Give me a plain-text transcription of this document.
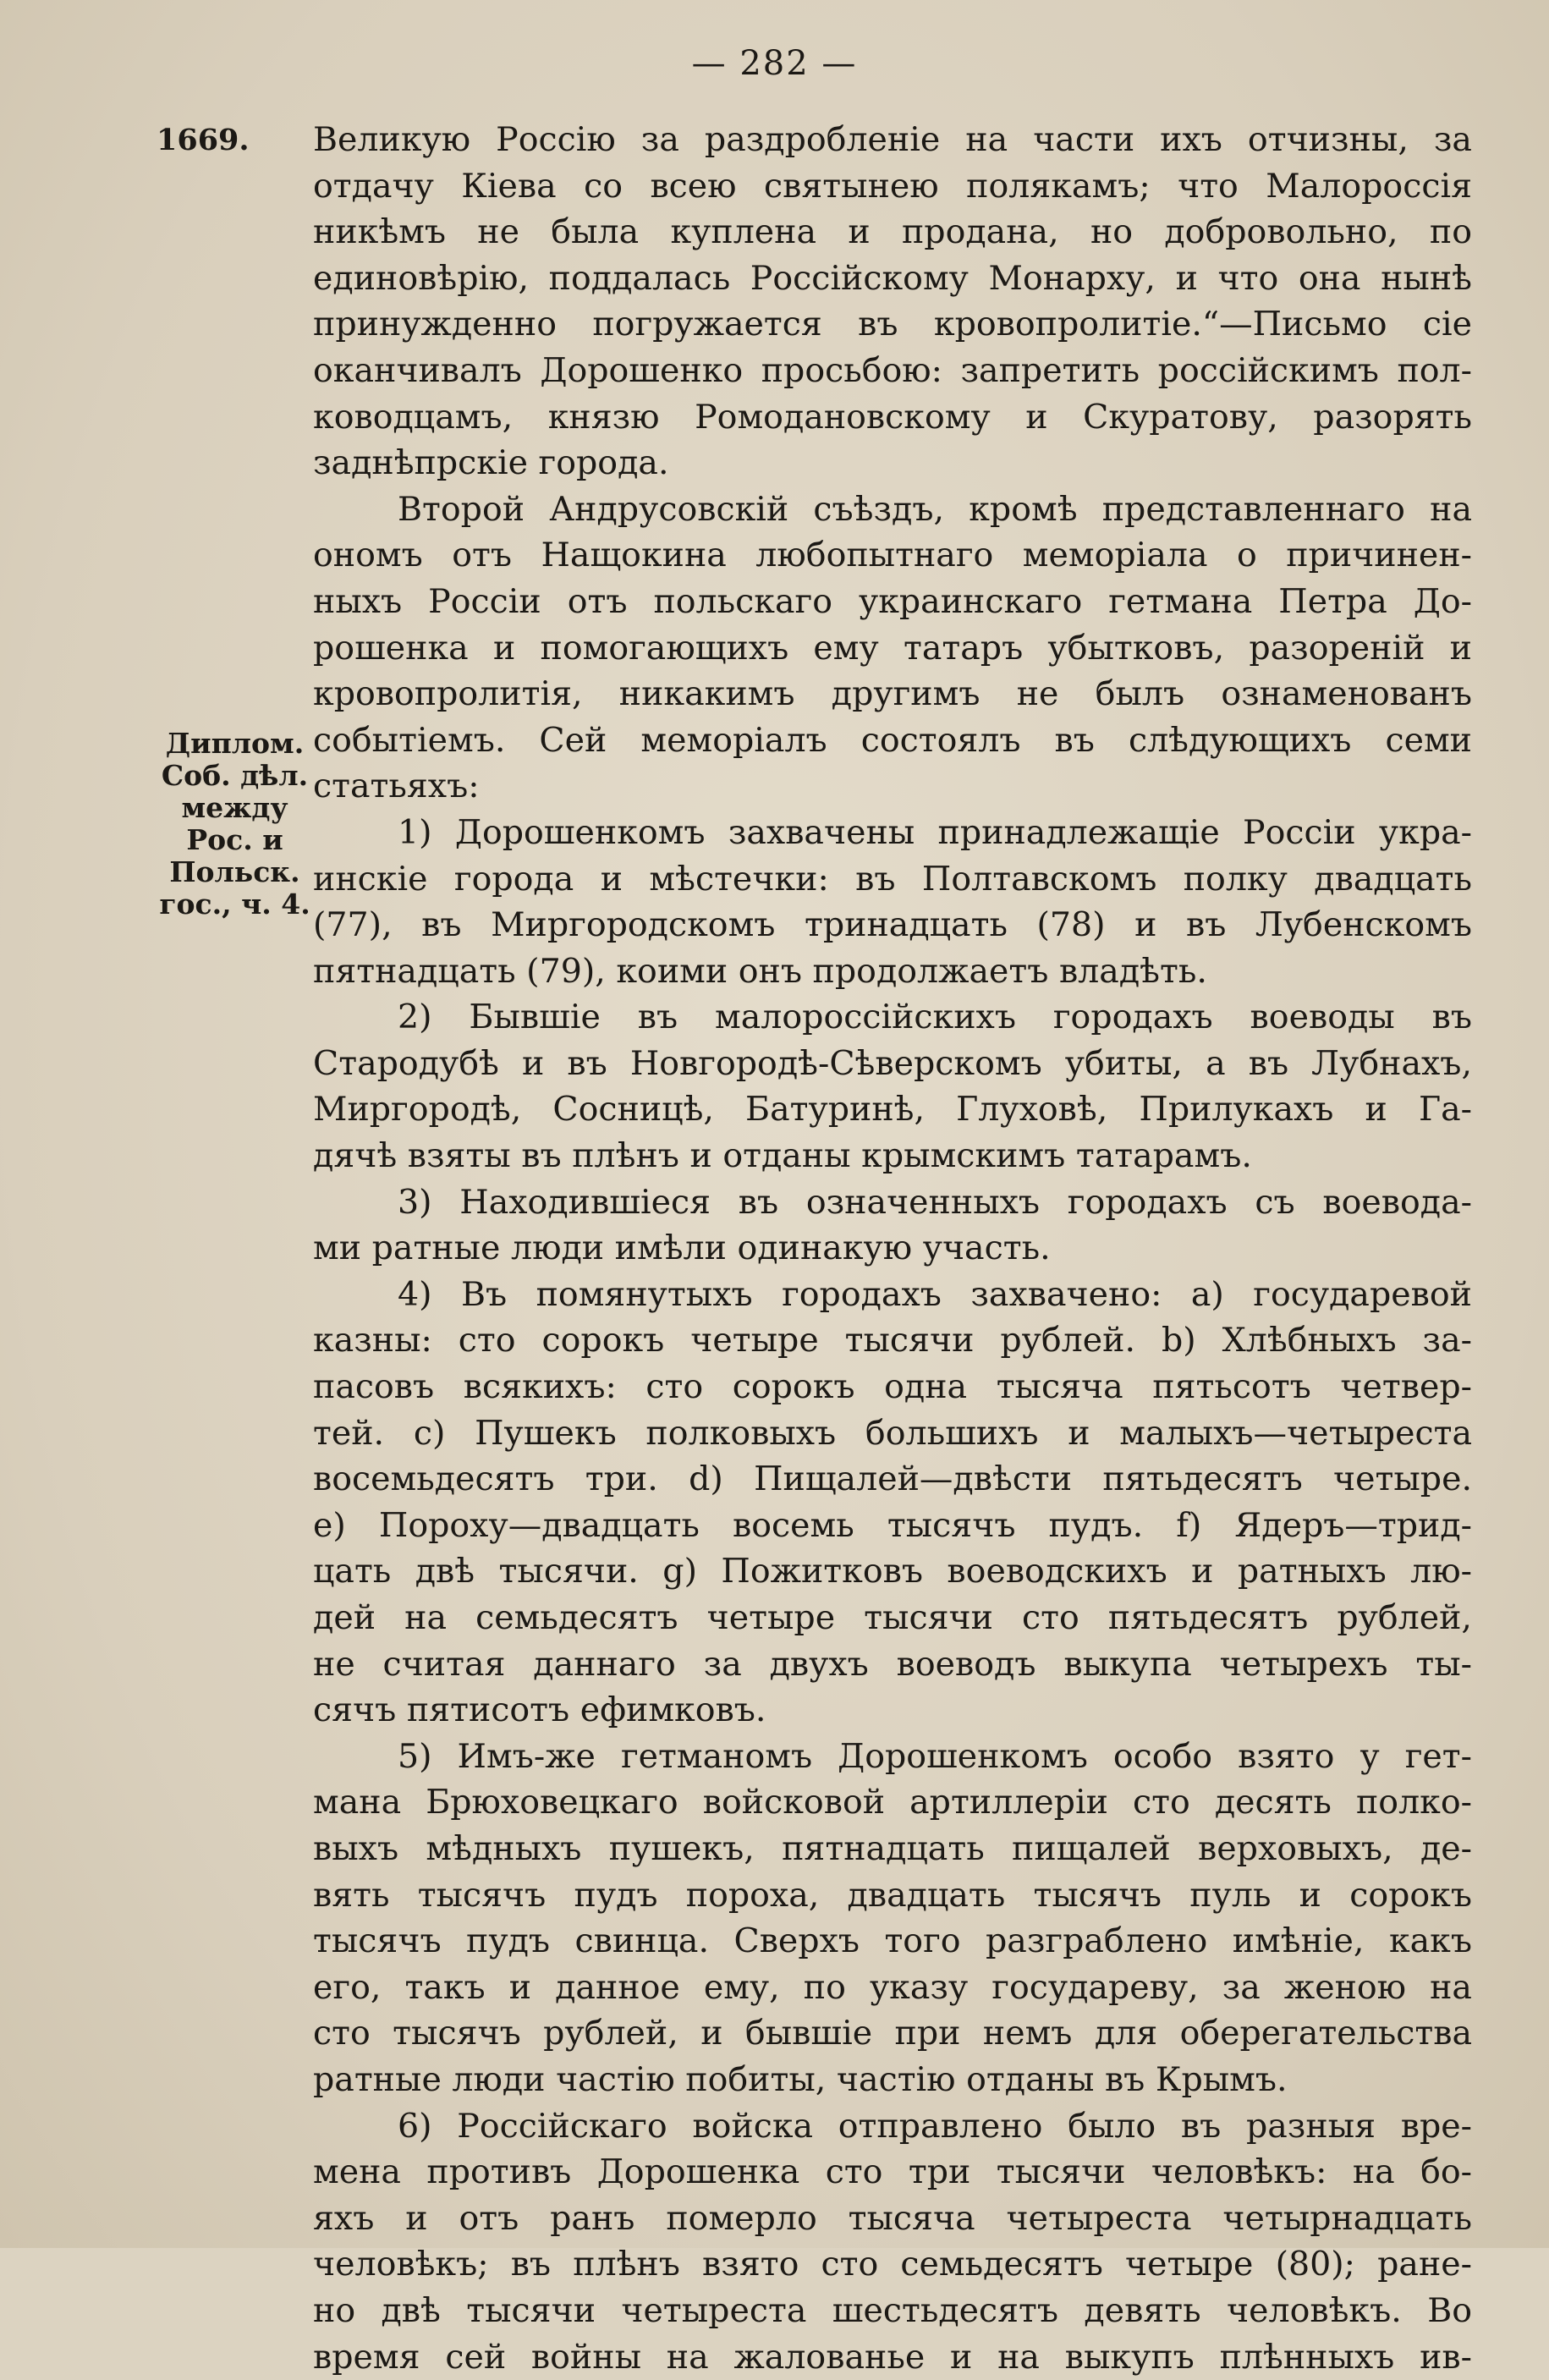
— 282 —
1669.
Диплом.
Соб. дѣл.
между
Рос. и
Польск.
гос., ч. 4.
Великую Россію за раздробленіе на части ихъ отчизны, за
отдачу Кіева со всею святынею полякамъ; что Малороссія
никѣмъ не была куплена и продана, но добровольно, по
единовѣрію, поддалась Россійскому Монарху, и что она нынѣ
принужденно погружается въ кровопролитіе.“—Письмо сіе
оканчивалъ Дорошенко просьбою: запретить россійскимъ пол-
ководцамъ, князю Ромодановскому и Скуратову, разорять
заднѣпрскіе города.
Второй Андрусовскій съѣздъ, кромѣ представленнаго на
ономъ отъ Нащокина любопытнаго меморіала о причинен-
ныхъ Россіи отъ польскаго украинскаго гетмана Петра До-
рошенка и помогающихъ ему татаръ убытковъ, разореній и
кровопролитія, никакимъ другимъ не былъ ознаменованъ
событіемъ. Сей меморіалъ состоялъ въ слѣдующихъ семи
статьяхъ:
1) Дорошенкомъ захвачены принадлежащіе Россіи укра-
инскіе города и мѣстечки: въ Полтавскомъ полку двадцать
(77), въ Миргородскомъ тринадцать (78) и въ Лубенскомъ
пятнадцать (79), коими онъ продолжаетъ владѣть.
2) Бывшіе въ малороссійскихъ городахъ воеводы въ
Стародубѣ и въ Новгородѣ-Сѣверскомъ убиты, а въ Лубнахъ,
Миргородѣ, Сосницѣ, Батуринѣ, Глуховѣ, Прилукахъ и Га-
дячѣ взяты въ плѣнъ и отданы крымскимъ татарамъ.
3) Находившіеся въ означенныхъ городахъ съ воевода-
ми ратные люди имѣли одинакую участь.
4) Въ помянутыхъ городахъ захвачено: a) государевой
казны: сто сорокъ четыре тысячи рублей. b) Хлѣбныхъ за-
пасовъ всякихъ: сто сорокъ одна тысяча пятьсотъ четвер-
тей. c) Пушекъ полковыхъ большихъ и малыхъ—четыреста
восемьдесятъ три. d) Пищалей—двѣсти пятьдесятъ четыре.
e) Пороху—двадцать восемь тысячъ пудъ. f) Ядеръ—трид-
цать двѣ тысячи. g) Пожитковъ воеводскихъ и ратныхъ лю-
дей на семьдесятъ четыре тысячи сто пятьдесятъ рублей,
не считая даннаго за двухъ воеводъ выкупа четырехъ ты-
сячъ пятисотъ ефимковъ.
5) Имъ-же гетманомъ Дорошенкомъ особо взято у гет-
мана Брюховецкаго войсковой артиллеріи сто десять полко-
выхъ мѣдныхъ пушекъ, пятнадцать пищалей верховыхъ, де-
вять тысячъ пудъ пороха, двадцать тысячъ пуль и сорокъ
тысячъ пудъ свинца. Сверхъ того разграблено имѣніе, какъ
его, такъ и данное ему, по указу государеву, за женою на
сто тысячъ рублей, и бывшіе при немъ для оберегательства
ратные люди частію побиты, частію отданы въ Крымъ.
6) Россійскаго войска отправлено было въ разныя вре-
мена противъ Дорошенка сто три тысячи человѣкъ: на бо-
яхъ и отъ ранъ померло тысяча четыреста четырнадцать
человѣкъ; въ плѣнъ взято сто семьдесятъ четыре (80); ране-
но двѣ тысячи четыреста шестьдесятъ девять человѣкъ. Во
время сей войны на жалованье и на выкупъ плѣнныхъ ив-
